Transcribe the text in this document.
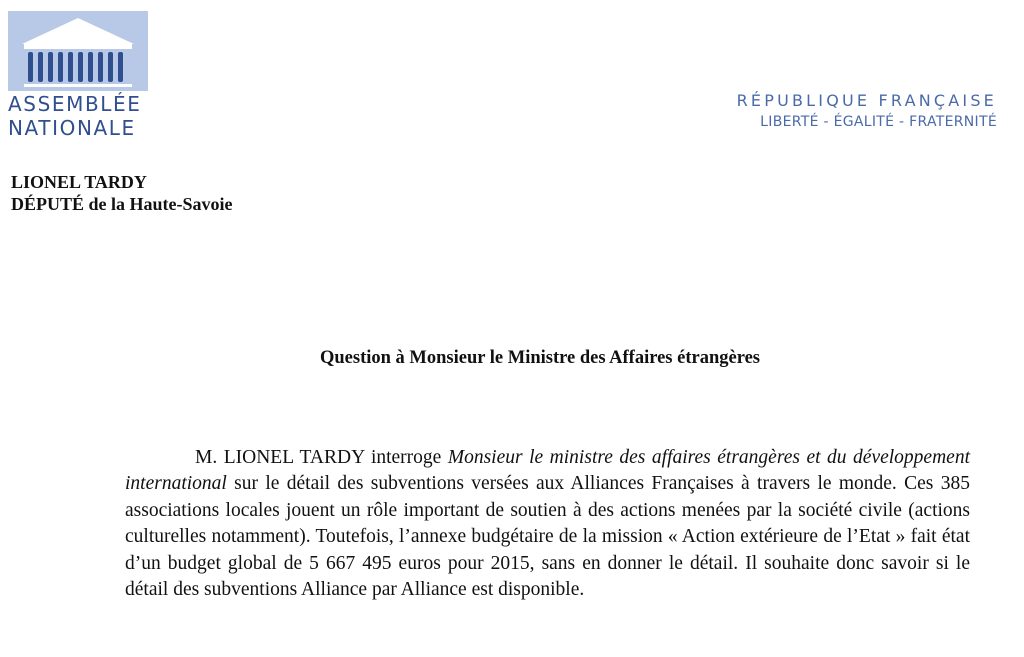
ASSEMBLÉE
NATIONALE
RÉPUBLIQUE FRANÇAISE
LIBERTÉ - ÉGALITÉ - FRATERNITÉ
LIONEL TARDY
DÉPUTÉ de la Haute-Savoie
Question à Monsieur le Ministre des Affaires étrangères

M. LIONEL TARDY interroge Monsieur le ministre des affaires étrangères et du développement international sur le détail des subventions versées aux Alliances Françaises à travers le monde. Ces 385 associations locales jouent un rôle important de soutien à des actions menées par la société civile (actions culturelles notamment). Toutefois, l’annexe budgétaire de la mission « Action extérieure de l’Etat » fait état d’un budget global de 5 667 495 euros pour 2015, sans en donner le détail. Il souhaite donc savoir si le détail des subventions Alliance par Alliance est disponible.
